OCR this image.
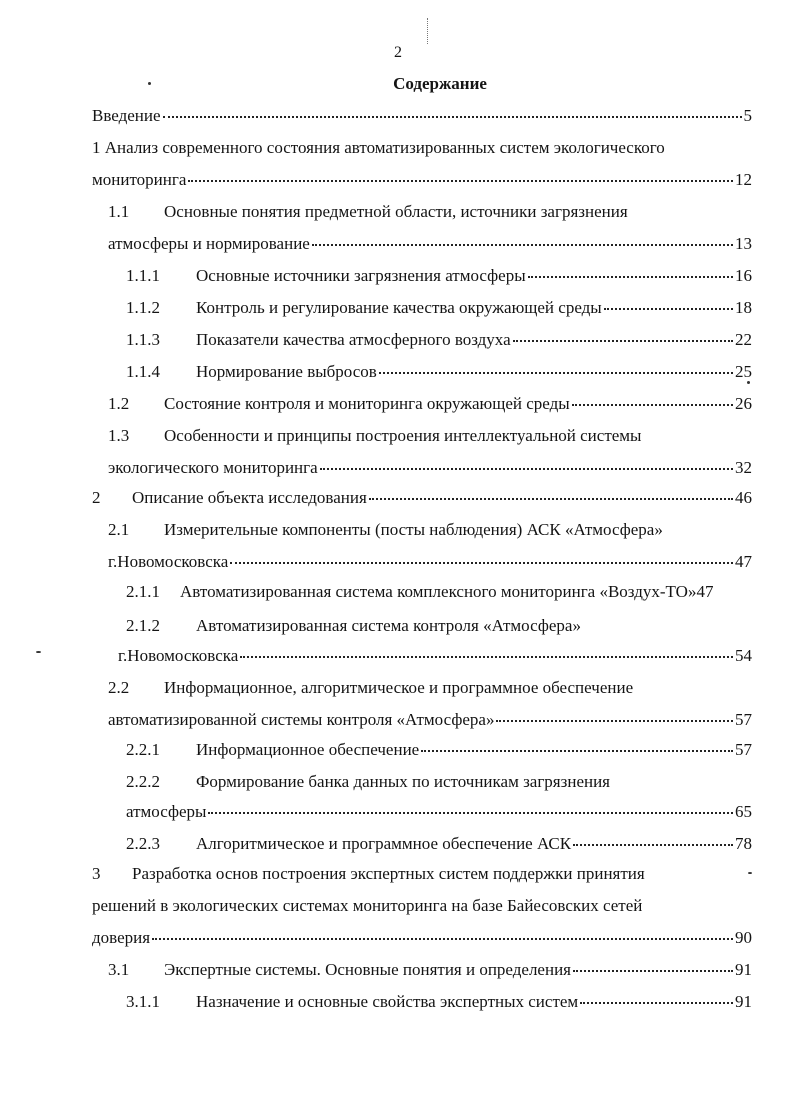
2
Содержание
Введение	5
1 Анализ современного состояния автоматизированных систем экологического
мониторинга	12
1.1	Основные понятия предметной области, источники загрязнения
атмосферы и нормирование	13
1.1.1	Основные источники загрязнения атмосферы	16
1.1.2	Контроль и регулирование качества окружающей среды	18
1.1.3	Показатели качества атмосферного воздуха	22
1.1.4	Нормирование выбросов	25
1.2	Состояние контроля и мониторинга окружающей среды	26
1.3	Особенности и принципы построения интеллектуальной системы
экологического мониторинга	32
2	Описание объекта исследования	46
2.1	Измерительные компоненты (посты наблюдения) АСК «Атмосфера»
г.Новомосковска	47
2.1.1	Автоматизированная система комплексного мониторинга «Воздух-ТО»47
2.1.2	Автоматизированная система контроля «Атмосфера»
г.Новомосковска	54
2.2	Информационное, алгоритмическое и программное обеспечение
автоматизированной системы контроля «Атмосфера»	57
2.2.1	Информационное обеспечение	57
2.2.2	Формирование банка данных по источникам загрязнения
атмосферы	65
2.2.3	Алгоритмическое и программное обеспечение АСК	78
3	Разработка основ построения экспертных систем поддержки принятия
решений в экологических системах мониторинга на базе Байесовских сетей
доверия	90
3.1	Экспертные системы. Основные понятия и определения	91
3.1.1	Назначение и основные свойства экспертных систем	91
